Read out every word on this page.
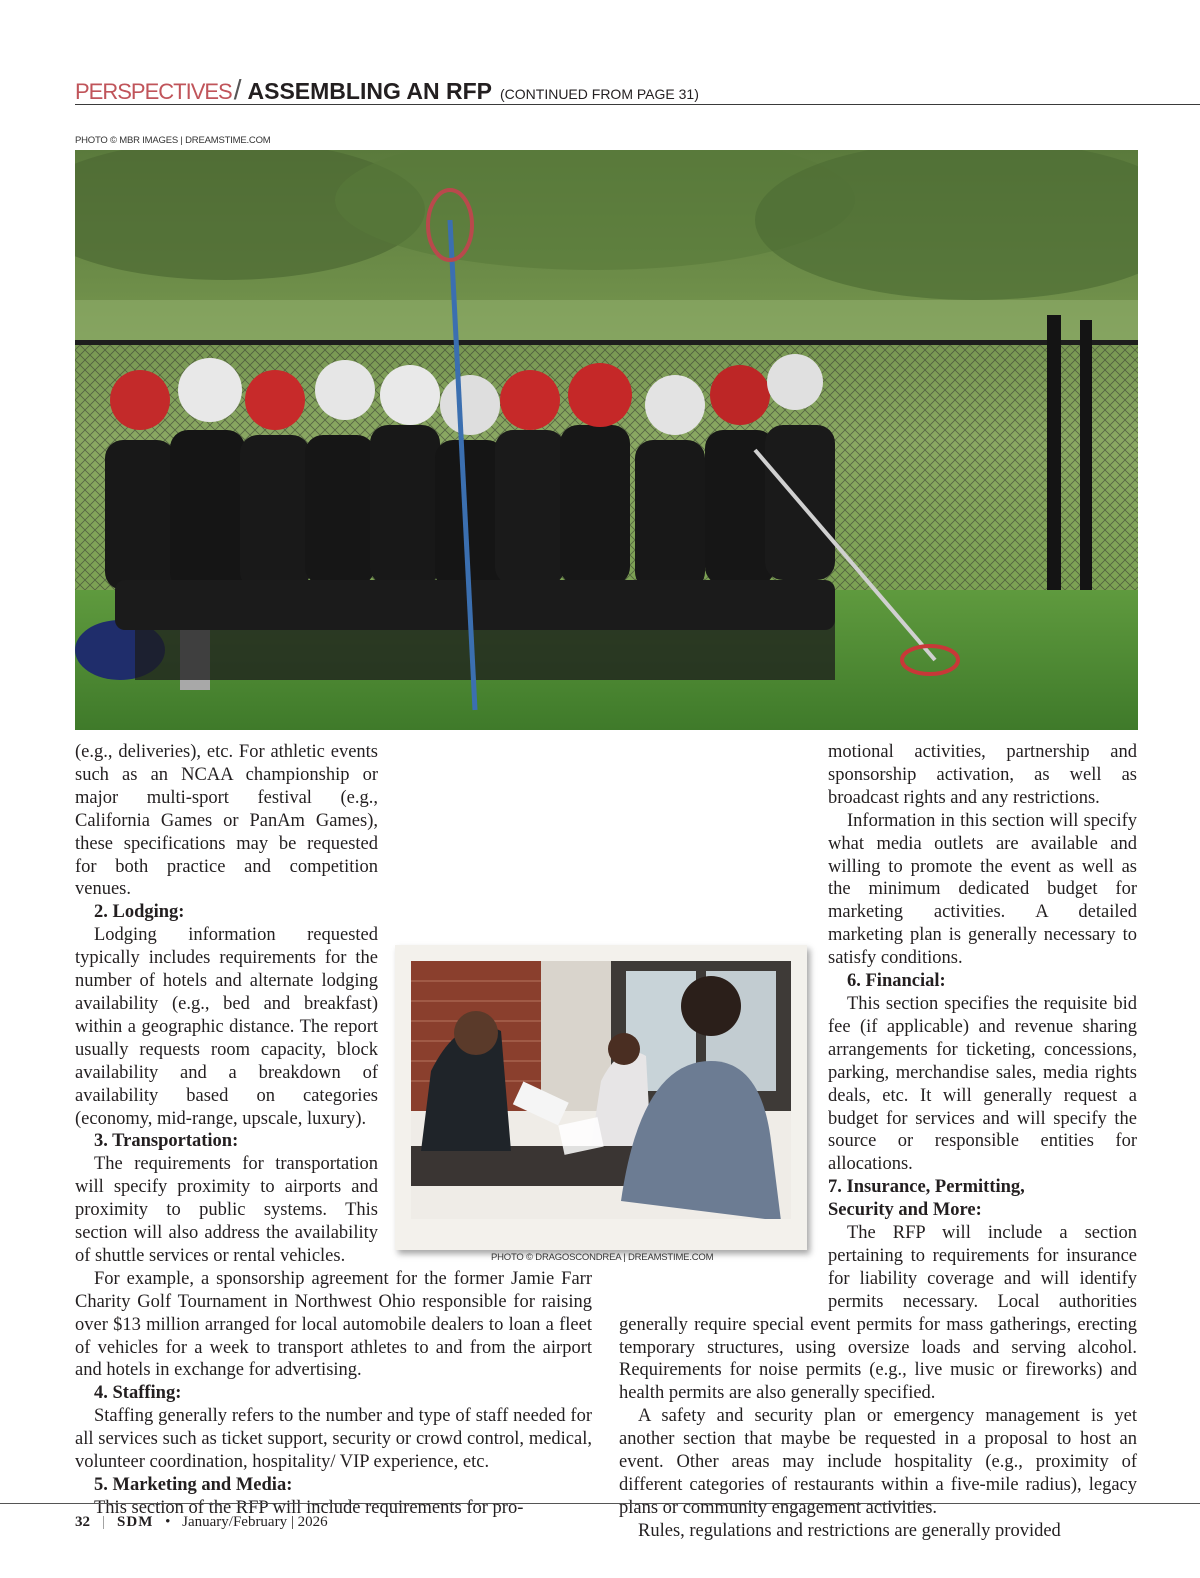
PERSPECTIVES/ ASSEMBLING AN RFP (CONTINUED FROM PAGE 31)
PHOTO © MBR IMAGES | DREAMSTIME.COM

(e.g., deliveries), etc. For athletic events such as an NCAA championship or major multi-sport festival (e.g., California Games or PanAm Games), these specifications may be requested for both practice and competition venues.

2. Lodging:

Lodging information requested typically includes requirements for the number of hotels and alternate lodging availability (e.g., bed and breakfast) within a geographic distance. The report usually requests room capacity, block availability and a breakdown of availability based on categories (economy, mid-range, upscale, luxury).

3. Transportation:

The requirements for transportation will specify proximity to airports and proximity to public systems. This section will also address the availability of shuttle services or rental vehicles.

For example, a sponsorship agreement for the former Jamie Farr Charity Golf Tournament in Northwest Ohio responsible for raising over $13 million arranged for local automobile dealers to loan a fleet of vehicles for a week to transport athletes to and from the airport and hotels in exchange for advertising.

4. Staffing:

Staffing generally refers to the number and type of staff needed for all services such as ticket support, security or crowd control, medical, volunteer coordination, hospitality/ VIP experience, etc.

5. Marketing and Media:

This section of the RFP will include requirements for pro-

motional activities, partnership and sponsorship activation, as well as broadcast rights and any restrictions.

Information in this section will specify what media outlets are available and willing to promote the event as well as the minimum dedicated budget for marketing activities. A detailed marketing plan is generally necessary to satisfy conditions.

6. Financial:

This section specifies the requisite bid fee (if applicable) and revenue sharing arrangements for ticketing, concessions, parking, merchandise sales, media rights deals, etc. It will generally request a budget for services and will specify the source or responsible entities for allocations.

7. Insurance, Permitting,
Security and More:

The RFP will include a section pertaining to requirements for insurance for liability coverage and will identify permits necessary. Local authorities generally require special event permits for mass gatherings, erecting temporary structures, using oversize loads and serving alcohol. Requirements for noise permits (e.g., live music or fireworks) and health permits are also generally specified.

A safety and security plan or emergency management is yet another section that maybe be requested in a proposal to host an event. Other areas may include hospitality (e.g., proximity of different categories of restaurants within a five-mile radius), legacy plans or community engagement activities.

Rules, regulations and restrictions are generally provided

PHOTO © DRAGOSCONDREA | DREAMSTIME.COM
32 | SDM • January/February | 2026
